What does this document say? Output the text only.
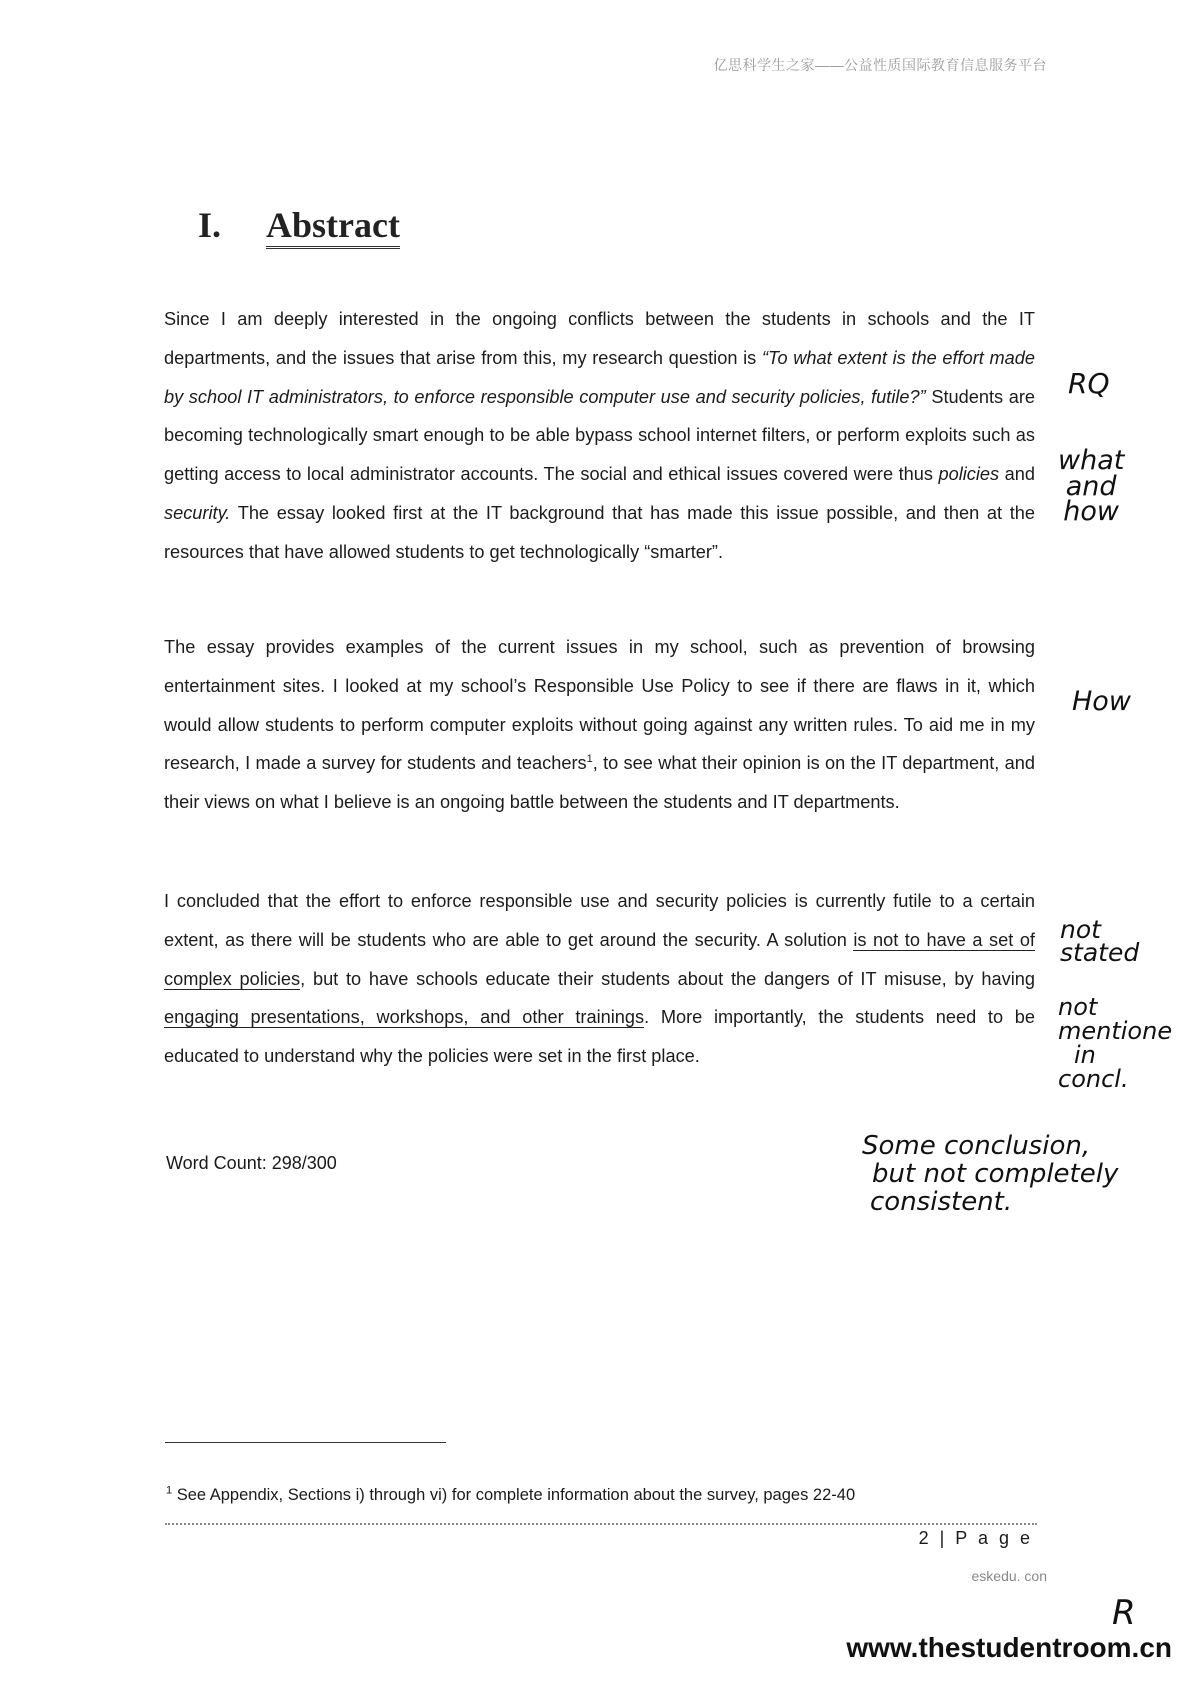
亿思科学生之家——公益性质国际教育信息服务平台
I. Abstract

Since I am deeply interested in the ongoing conflicts between the students in schools and the IT departments, and the issues that arise from this, my research question is “To what extent is the effort made by school IT administrators, to enforce responsible computer use and security policies, futile?” Students are becoming technologically smart enough to be able bypass school internet filters, or perform exploits such as getting access to local administrator accounts. The social and ethical issues covered were thus policies and security. The essay looked first at the IT background that has made this issue possible, and then at the resources that have allowed students to get technologically “smarter”.

The essay provides examples of the current issues in my school, such as prevention of browsing entertainment sites. I looked at my school’s Responsible Use Policy to see if there are flaws in it, which would allow students to perform computer exploits without going against any written rules. To aid me in my research, I made a survey for students and teachers$^1$, to see what their opinion is on the IT department, and their views on what I believe is an ongoing battle between the students and IT departments.

I concluded that the effort to enforce responsible use and security policies is currently futile to a certain extent, as there will be students who are able to get around the security. A solution is not to have a set of complex policies, but to have schools educate their students about the dangers of IT misuse, by having engaging presentations, workshops, and other trainings. More importantly, the students need to be educated to understand why the policies were set in the first place.

Word Count: 298/300
$^1$ See Appendix, Sections i) through vi) for complete information about the survey, pages 22-40
2 | P a g e
eskedu. con
www.thestudentroom.cn
RQ
what
and
how
How
not
stated
not
mentione
in
concl.
Some conclusion,
but not completely
consistent.
R
